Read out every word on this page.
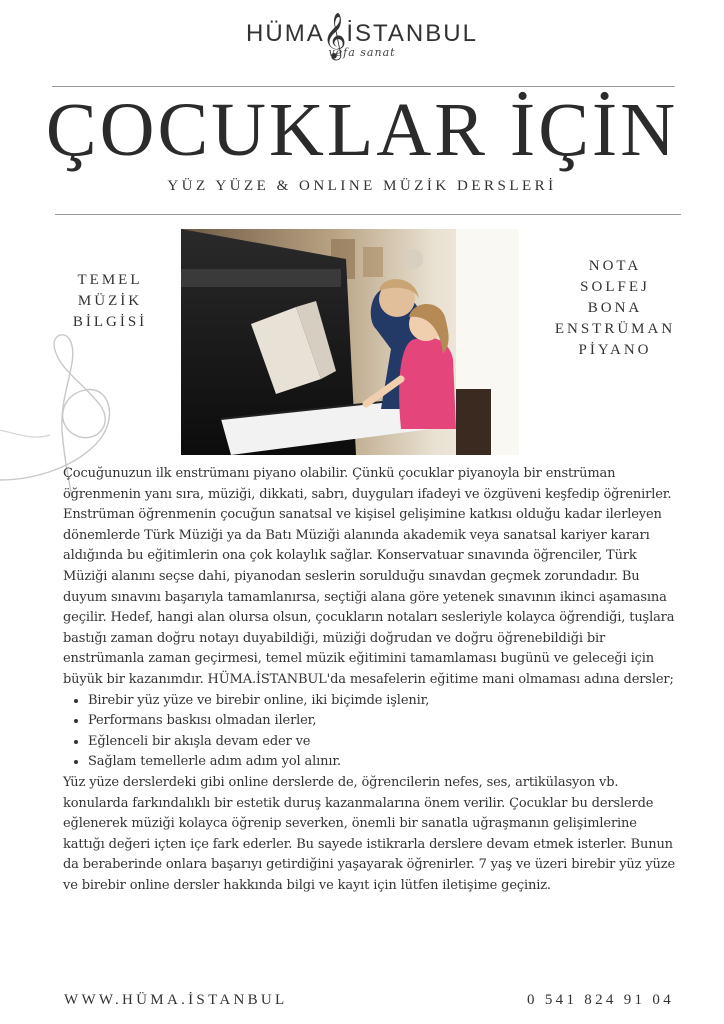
HÜMA𝄞İSTANBUL
vefa sanat
ÇOCUKLAR İÇİN
YÜZ YÜZE & ONLINE MÜZİK DERSLERİ
TEMEL
MÜZİK
BİLGİSİ
NOTA
SOLFEJ
BONA
ENSTRÜMAN
PİYANO

Çocuğunuzun ilk enstrümanı piyano olabilir. Çünkü çocuklar piyanoyla bir enstrüman öğrenmenin yanı sıra, müziği, dikkati, sabrı, duyguları ifadeyi ve özgüveni keşfedip öğrenirler. Enstrüman öğrenmenin çocuğun sanatsal ve kişisel gelişimine katkısı olduğu kadar ilerleyen dönemlerde Türk Müziği ya da Batı Müziği alanında akademik veya sanatsal kariyer kararı aldığında bu eğitimlerin ona çok kolaylık sağlar. Konservatuar sınavında öğrenciler, Türk Müziği alanını seçse dahi, piyanodan seslerin sorulduğu sınavdan geçmek zorundadır. Bu duyum sınavını başarıyla tamamlanırsa, seçtiği alana göre yetenek sınavının ikinci aşamasına geçilir. Hedef, hangi alan olursa olsun, çocukların notaları sesleriyle kolayca öğrendiği, tuşlara bastığı zaman doğru notayı duyabildiği, müziği doğrudan ve doğru öğrenebildiği bir enstrümanla zaman geçirmesi, temel müzik eğitimini tamamlaması bugünü ve geleceği için büyük bir kazanımdır. HÜMA.İSTANBUL'da mesafelerin eğitime mani olmaması adına dersler;

• Birebir yüz yüze ve birebir online, iki biçimde işlenir,
• Performans baskısı olmadan ilerler,
• Eğlenceli bir akışla devam eder ve
• Sağlam temellerle adım adım yol alınır.

Yüz yüze derslerdeki gibi online derslerde de, öğrencilerin nefes, ses, artikülasyon vb. konularda farkındalıklı bir estetik duruş kazanmalarına önem verilir. Çocuklar bu derslerde eğlenerek müziği kolayca öğrenip severken, önemli bir sanatla uğraşmanın gelişimlerine kattığı değeri içten içe fark ederler. Bu sayede istikrarla derslere devam etmek isterler. Bunun da beraberinde onlara başarıyı getirdiğini yaşayarak öğrenirler. 7 yaş ve üzeri birebir yüz yüze ve birebir online dersler hakkında bilgi ve kayıt için lütfen iletişime geçiniz.

WWW.HÜMA.İSTANBUL	0 541 824 91 04
